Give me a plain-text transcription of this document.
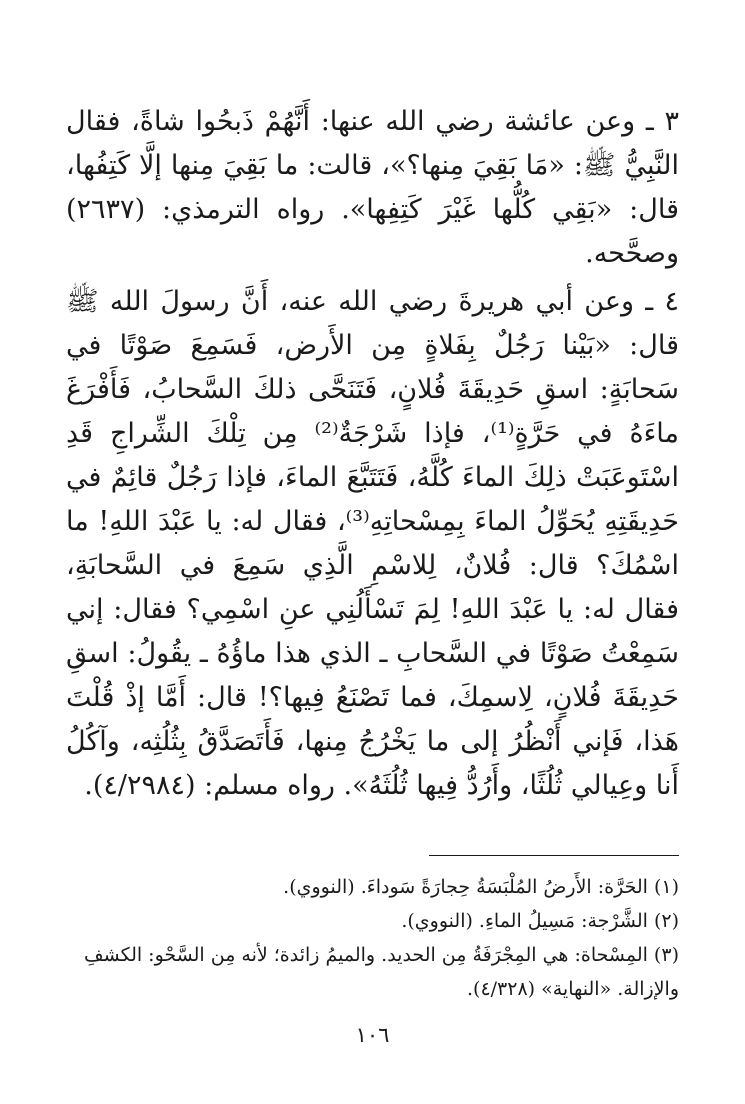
٣ ـ وعن عائشة رضي الله عنها: أَنَّهُمْ ذَبحُوا شاةً، فقال النَّبِيُّ ﷺ: «مَا بَقِيَ مِنها؟»، قالت: ما بَقِيَ مِنها إلَّا كَتِفُها، قال: «بَقِي كُلُّها غَيْرَ كَتِفِها». رواه الترمذي: (٢٦٣٧) وصحَّحه.

٤ ـ وعن أبي هريرةَ رضي الله عنه، أَنَّ رسولَ الله ﷺ قال: «بَيْنا رَجُلٌ بِفَلاةٍ مِن الأَرض، فَسَمِعَ صَوْتًا في سَحابَةٍ: اسقِ حَدِيقَةَ فُلانٍ، فَتَنَحَّى ذلكَ السَّحابُ، فَأَفْرَغَ ماءَهُ في حَرَّةٍ⁽¹⁾، فإذا شَرْجَةٌ⁽²⁾ مِن تِلْكَ الشِّراجِ قَدِ اسْتَوعَبَتْ ذلِكَ الماءَ كُلَّهُ، فَتَتَبَّعَ الماءَ، فإذا رَجُلٌ قائِمٌ في حَدِيقَتِهِ يُحَوِّلُ الماءَ بِمِسْحاتِهِ⁽³⁾، فقال له: يا عَبْدَ اللهِ! ما اسْمُكَ؟ قال: فُلانٌ، لِلاسْمِ الَّذِي سَمِعَ في السَّحابَةِ، فقال له: يا عَبْدَ اللهِ! لِمَ تَسْأَلُنِي عنِ اسْمِي؟ فقال: إني سَمِعْتُ صَوْتًا في السَّحابِ ـ الذي هذا ماؤُهُ ـ يقُولُ: اسقِ حَدِيقَةَ فُلانٍ، لِاسمِكَ، فما تَصْنَعُ فِيها؟! قال: أَمَّا إذْ قُلْتَ هَذا، فَإني أَنْظُرُ إلى ما يَخْرُجُ مِنها، فَأَتَصَدَّقُ بِثُلُثِه، وآكُلُ أَنا وعِيالي ثُلُثًا، وأَرُدُّ فِيها ثُلُثَهُ». رواه مسلم: (٤/٢٩٨٤).

(١) الحَرَّة: الأَرضُ المُلْبَسَةُ حِجارَةً سَوداءَ. (النووي).

(٢) الشَّرْجة: مَسِيلُ الماءِ. (النووي).

(٣) المِسْحاة: هي المِجْرَفَةُ مِن الحديد. والميمُ زائدة؛ لأنه مِن السَّحْو: الكشفِ والإزالة. «النهاية» (٤/٣٢٨).

١٠٦
